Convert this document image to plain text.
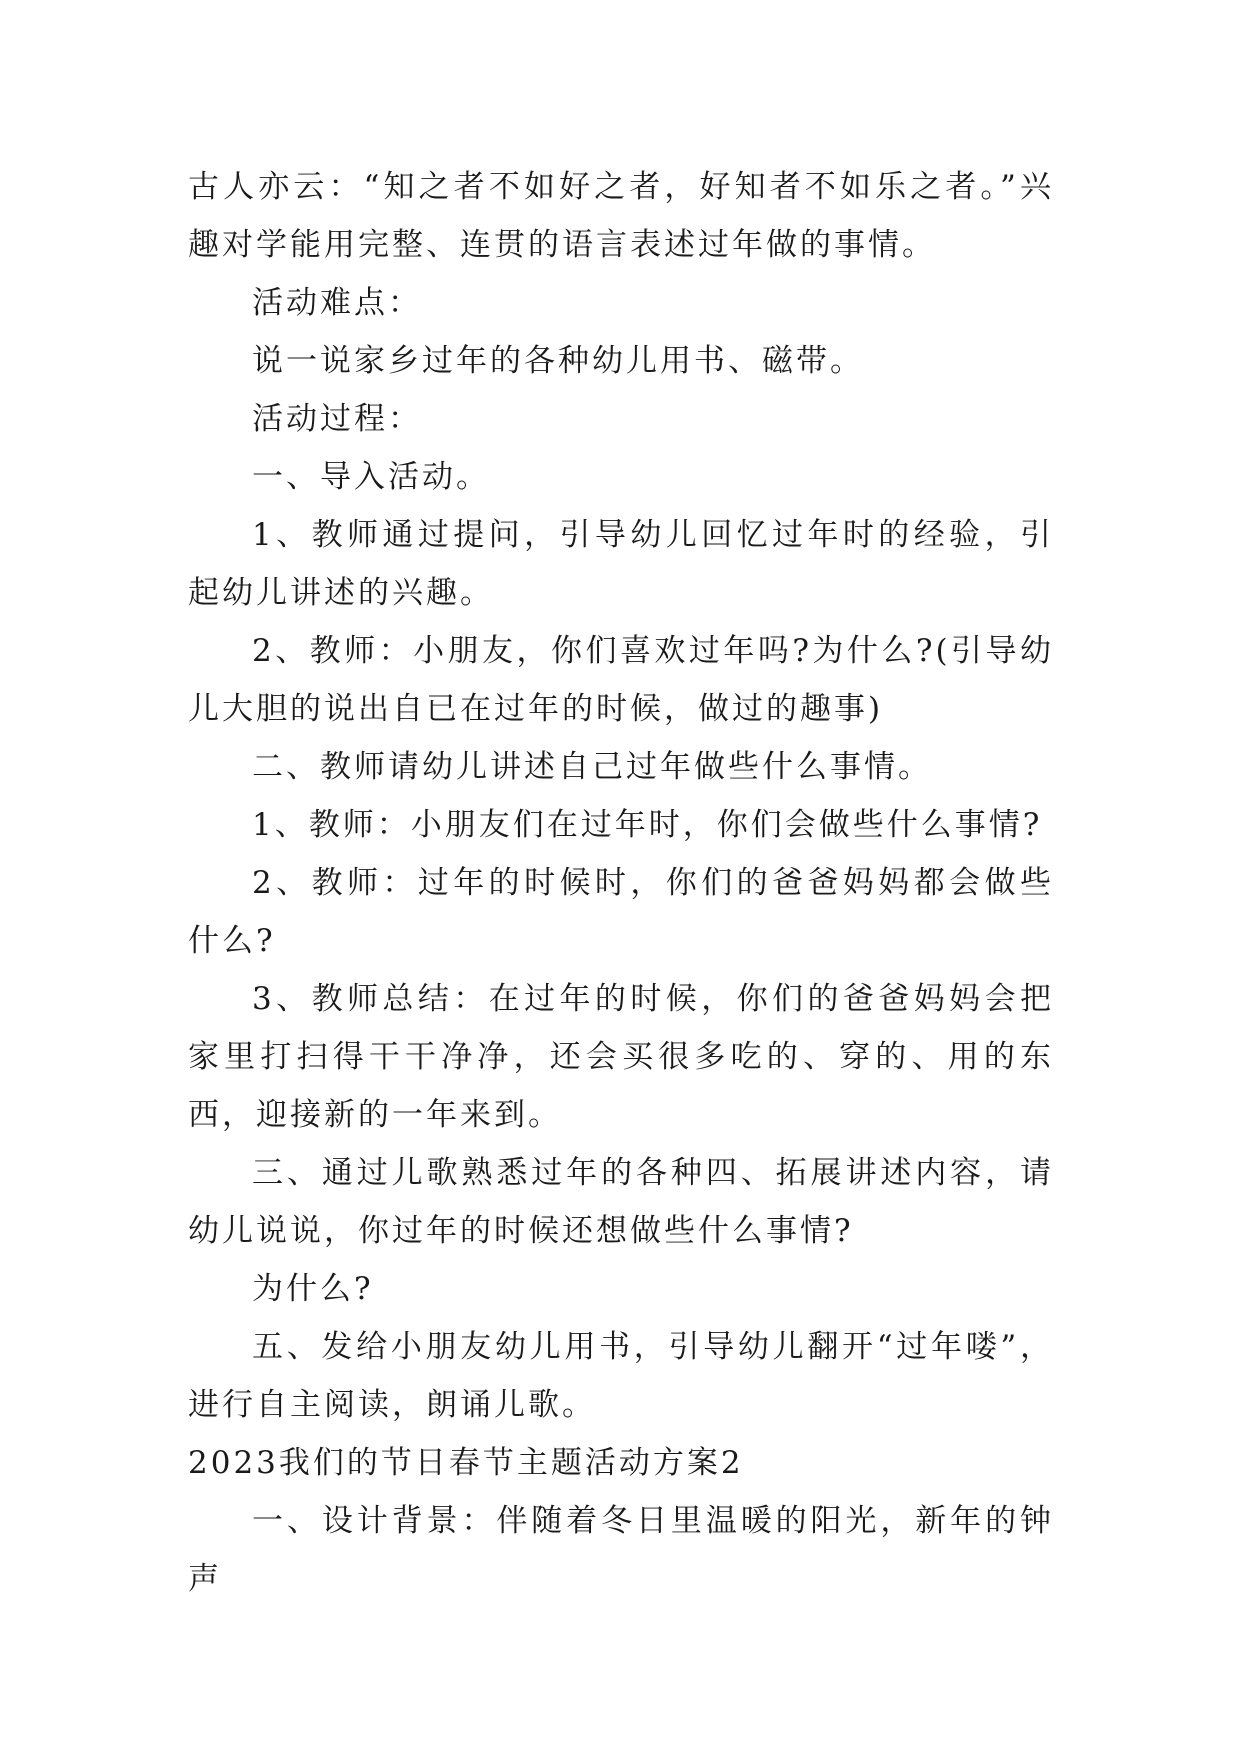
古人亦云：“知之者不如好之者，好知者不如乐之者。”兴趣对学能用完整、连贯的语言表述过年做的事情。

活动难点：

说一说家乡过年的各种幼儿用书、磁带。

活动过程：

一、导入活动。

1、教师通过提问，引导幼儿回忆过年时的经验，引起幼儿讲述的兴趣。

2、教师：小朋友，你们喜欢过年吗?为什么?(引导幼儿大胆的说出自已在过年的时候，做过的趣事)

二、教师请幼儿讲述自己过年做些什么事情。

1、教师：小朋友们在过年时，你们会做些什么事情?

2、教师：过年的时候时，你们的爸爸妈妈都会做些什么?

3、教师总结：在过年的时候，你们的爸爸妈妈会把家里打扫得干干净净，还会买很多吃的、穿的、用的东西，迎接新的一年来到。

三、通过儿歌熟悉过年的各种四、拓展讲述内容，请幼儿说说，你过年的时候还想做些什么事情?

为什么?

五、发给小朋友幼儿用书，引导幼儿翻开“过年喽”，进行自主阅读，朗诵儿歌。

2023我们的节日春节主题活动方案2

一、设计背景：伴随着冬日里温暖的阳光，新年的钟声
